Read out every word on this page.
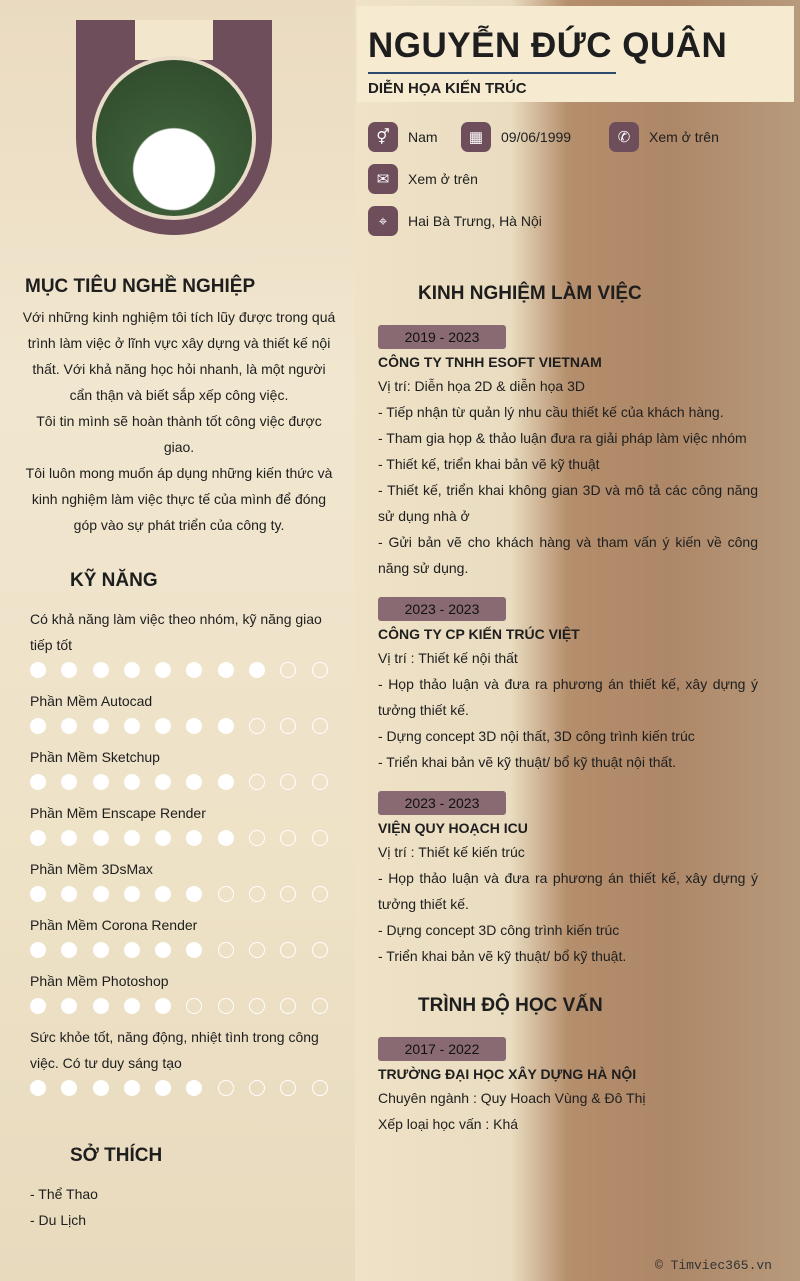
NGUYỄN ĐỨC QUÂN
DIỄN HỌA KIẾN TRÚC
⚥	Nam	▦	09/06/1999	✆	Xem ở trên
✉	Xem ở trên
⌖	Hai Bà Trưng, Hà Nội
MỤC TIÊU NGHỀ NGHIỆP
Với những kinh nghiệm tôi tích lũy được trong quá trình làm việc ở lĩnh vực xây dựng và thiết kế nội thất. Với khả năng học hỏi nhanh, là một người cẩn thận và biết sắp xếp công việc.
Tôi tin mình sẽ hoàn thành tốt công việc được giao.
Tôi luôn mong muốn áp dụng những kiến thức và kinh nghiệm làm việc thực tế của mình để đóng góp vào sự phát triển của công ty.
KỸ NĂNG
Có khả năng làm việc theo nhóm, kỹ năng giao tiếp tốt
Phần Mềm Autocad
Phần Mềm Sketchup
Phần Mềm Enscape Render
Phần Mềm 3DsMax
Phần Mềm Corona Render
Phần Mềm Photoshop
Sức khỏe tốt, năng động, nhiệt tình trong công việc. Có tư duy sáng tạo
SỞ THÍCH
- Thể Thao
- Du Lịch
KINH NGHIỆM LÀM VIỆC
2019 - 2023
CÔNG TY TNHH ESOFT VIETNAM

Vị trí: Diễn họa 2D & diễn họa 3D

- Tiếp nhận từ quản lý nhu cầu thiết kế của khách hàng.

- Tham gia họp & thảo luận đưa ra giải pháp làm việc nhóm

- Thiết kế, triển khai bản vẽ kỹ thuật

- Thiết kế, triển khai không gian 3D và mô tả các công năng sử dụng nhà ở

- Gửi bản vẽ cho khách hàng và tham vấn ý kiến về công năng sử dụng.

2023 - 2023
CÔNG TY CP KIẾN TRÚC VIỆT

Vị trí : Thiết kế nội thất

- Họp thảo luận và đưa ra phương án thiết kế, xây dựng ý tưởng thiết kế.

- Dựng concept 3D nội thất, 3D công trình kiến trúc

- Triển khai bản vẽ kỹ thuật/ bổ kỹ thuật nội thất.

2023 - 2023
VIỆN QUY HOẠCH ICU

Vị trí : Thiết kế kiến trúc

- Họp thảo luận và đưa ra phương án thiết kế, xây dựng ý tưởng thiết kế.

- Dựng concept 3D công trình kiến trúc

- Triển khai bản vẽ kỹ thuật/ bổ kỹ thuật.

TRÌNH ĐỘ HỌC VẤN
2017 - 2022
TRƯỜNG ĐẠI HỌC XÂY DỰNG HÀ NỘI

Chuyên ngành : Quy Hoach Vùng & Đô Thị

Xếp loại học vấn : Khá

© Timviec365.vn
